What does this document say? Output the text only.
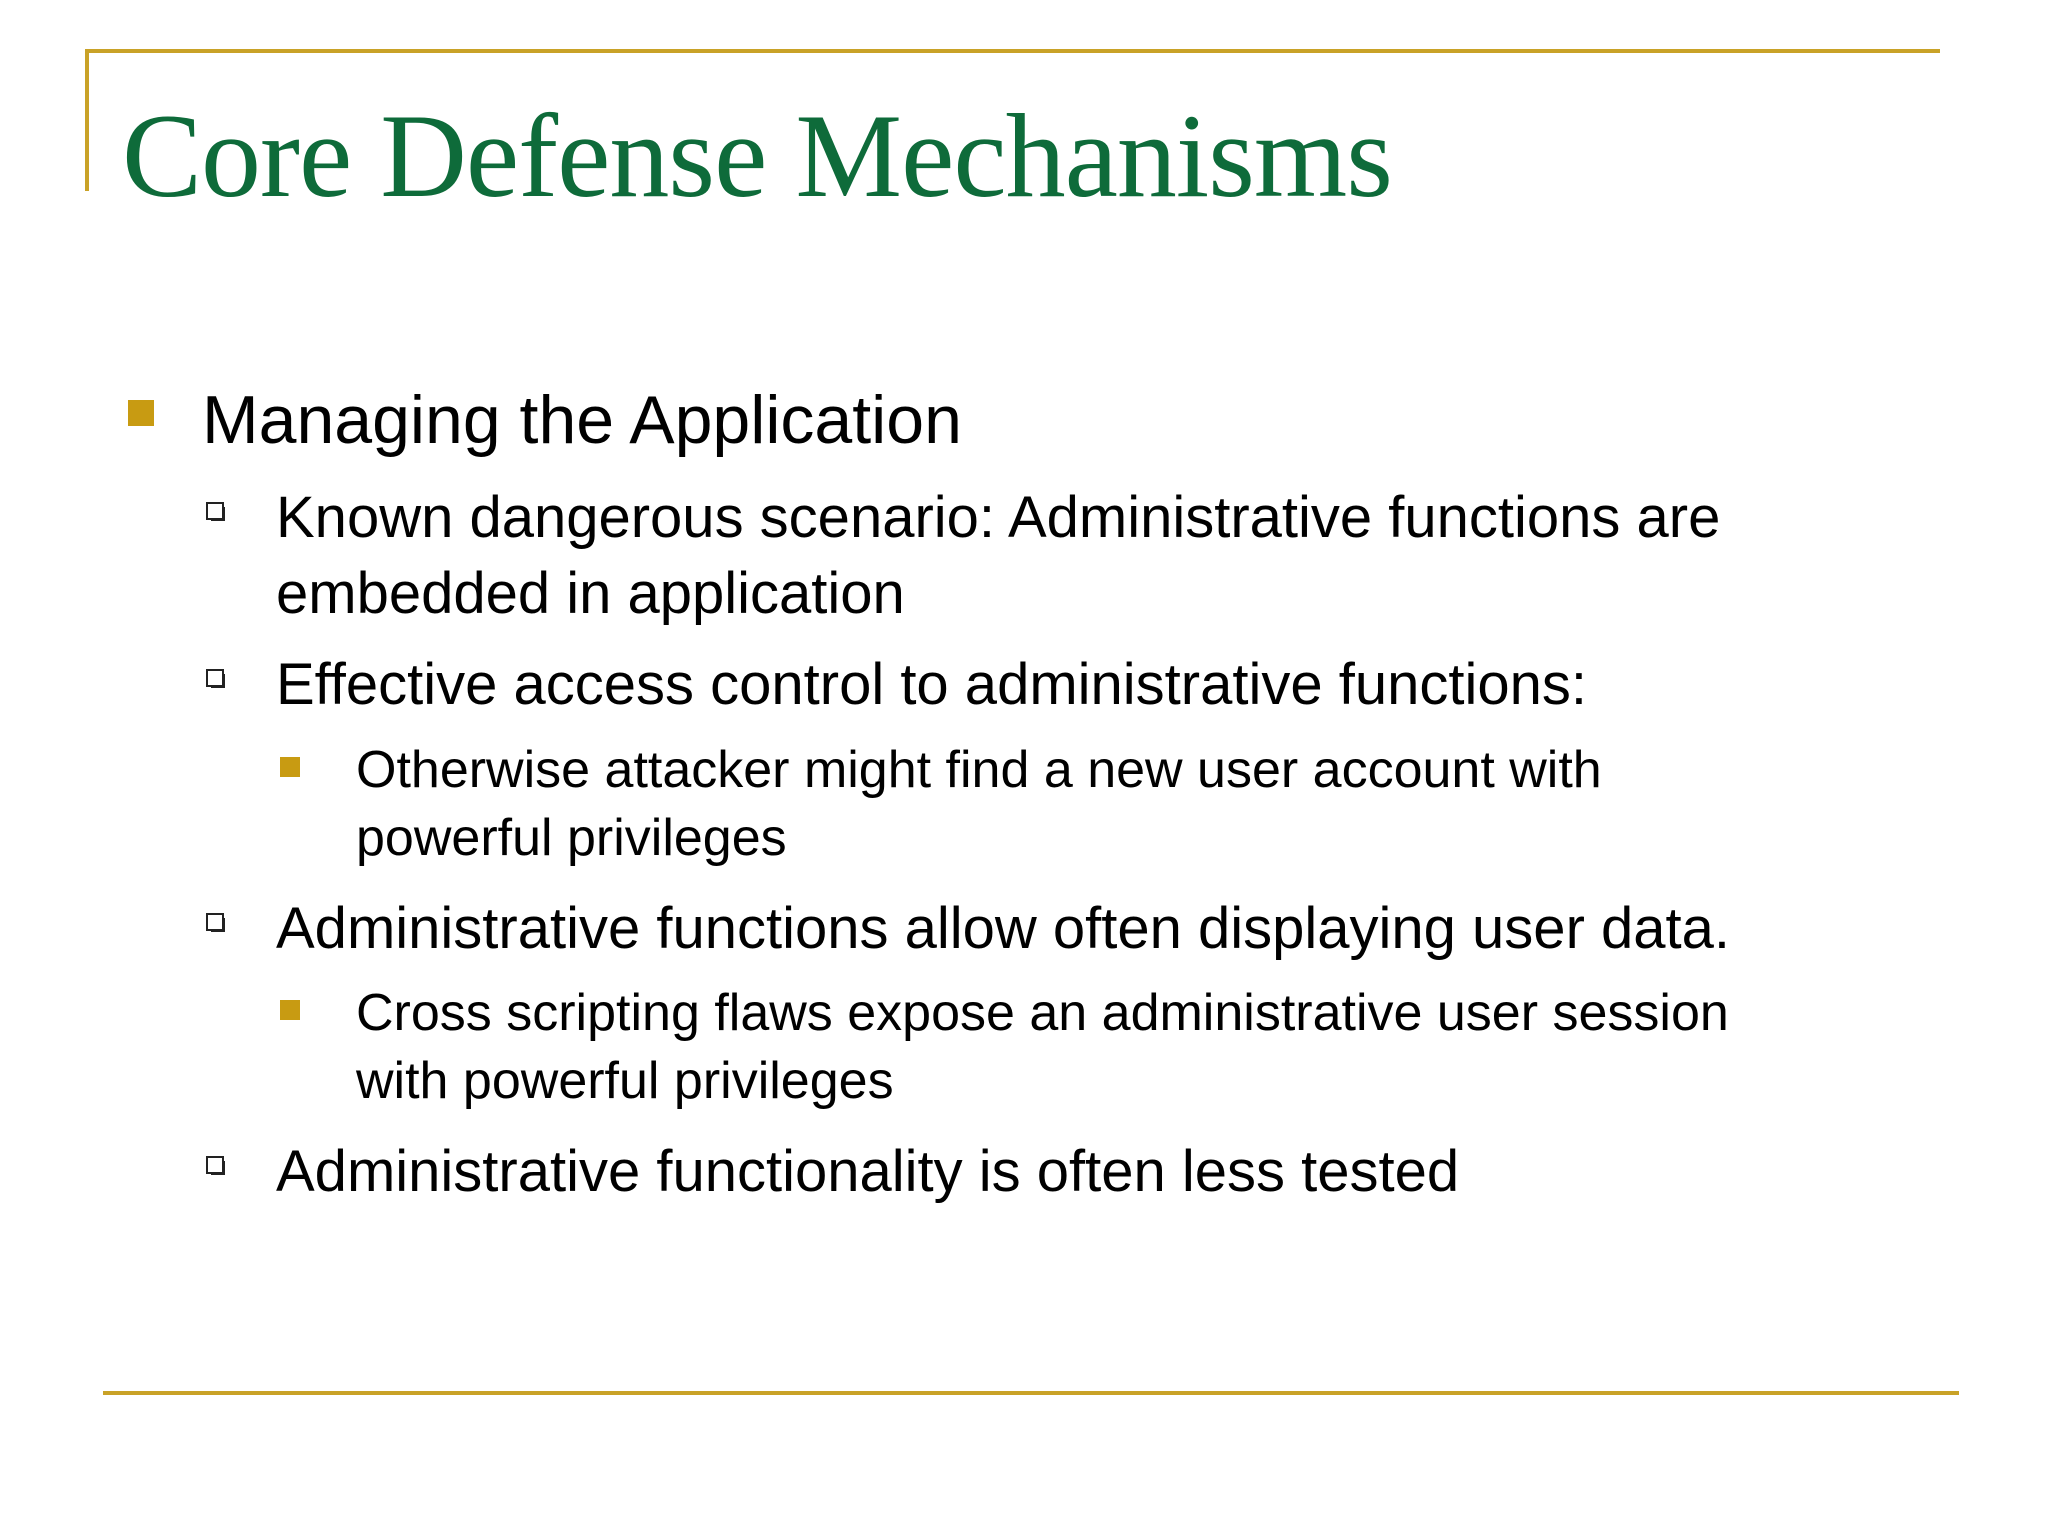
Core Defense Mechanisms

Managing the Application

Known dangerous scenario: Administrative functions are

embedded in application

Effective access control to administrative functions:

Otherwise attacker might find a new user account with

powerful privileges

Administrative functions allow often displaying user data.

Cross scripting flaws expose an administrative user session

with powerful privileges

Administrative functionality is often less tested
